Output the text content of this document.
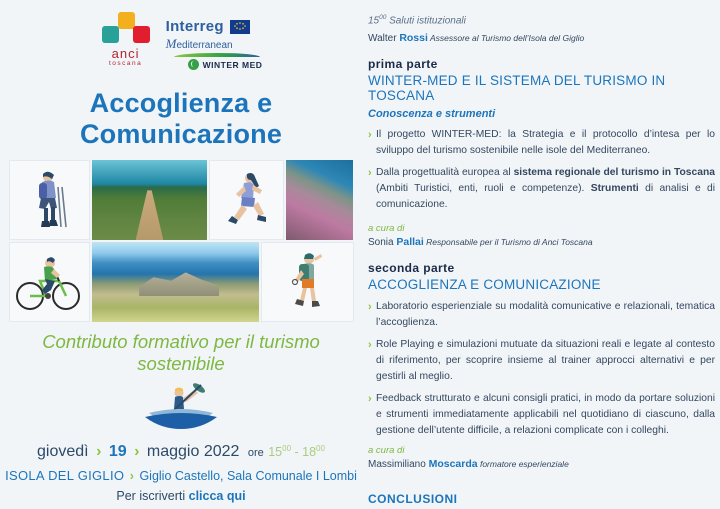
anci
toscana
Interreg
Mediterranean
WINTER MED
Accoglienza e Comunicazione
Contributo formativo per il turismo sostenibile
giovedì › 19 › maggio 2022 ore $15^{00} - 18^{00}$
ISOLA DEL GIGLIO › Giglio Castello, Sala Comunale I Lombi
Per iscriverti clicca qui
$15^{00}$ Saluti istituzionali
Walter Rossi Assessore al Turismo dell’Isola del Giglio
prima parte
WINTER-MED E IL SISTEMA DEL TURISMO IN TOSCANA
Conoscenza e strumenti
› Il progetto WINTER-MED: la Strategia e il protocollo d’intesa per lo sviluppo del turismo sostenibile nelle isole del Mediterraneo.
› Dalla progettualità europea al sistema regionale del turismo in Toscana (Ambiti Turistici, enti, ruoli e competenze). Strumenti di analisi e di comunicazione.
a cura di
Sonia Pallai Responsabile per il Turismo di Anci Toscana
seconda parte
ACCOGLIENZA E COMUNICAZIONE
› Laboratorio esperienziale su modalità comunicative e relazionali, tematica l’accoglienza.
› Role Playing e simulazioni mutuate da situazioni reali e legate al contesto di riferimento, per scoprire insieme al trainer approcci alternativi e per gestirli al meglio.
› Feedback strutturato e alcuni consigli pratici, in modo da portare soluzioni e strumenti immediatamente applicabili nel quotidiano di ciascuno, dalla gestione dell’utente difficile, a relazioni complicate con i colleghi.
a cura di
Massimiliano Moscarda formatore esperienziale
CONCLUSIONI
